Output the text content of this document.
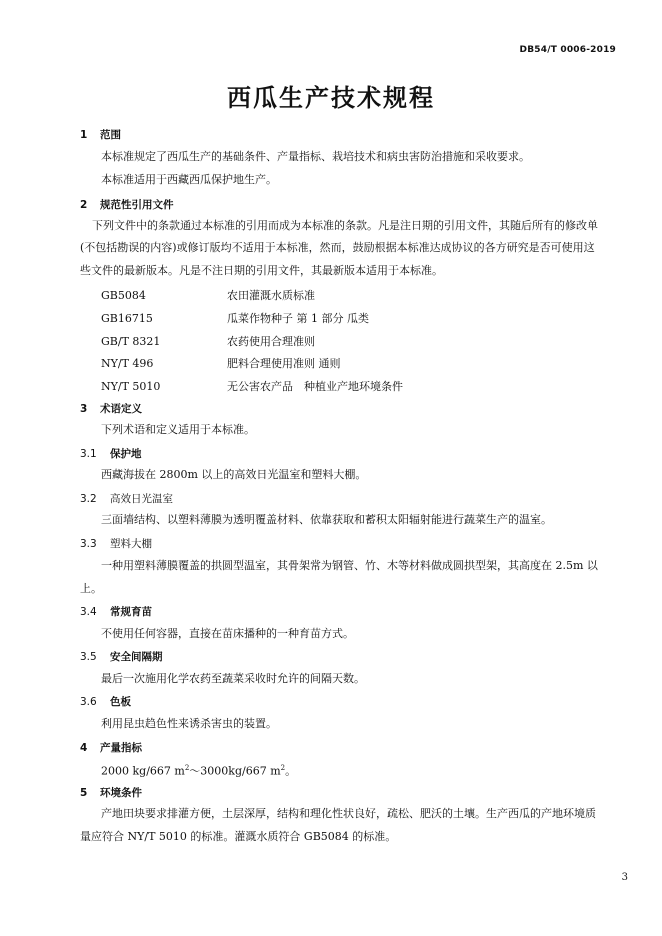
DB54/T 0006-2019
西瓜生产技术规程
1 范围
本标准规定了西瓜生产的基础条件、产量指标、栽培技术和病虫害防治措施和采收要求。
本标准适用于西藏西瓜保护地生产。
2 规范性引用文件
下列文件中的条款通过本标准的引用而成为本标准的条款。凡是注日期的引用文件，其随后所有的修改单
(不包括勘误的内容)或修订版均不适用于本标准，然而，鼓励根据本标准达成协议的各方研究是否可使用这
些文件的最新版本。凡是不注日期的引用文件，其最新版本适用于本标准。
GB5084	农田灌溉水质标准
GB16715	瓜菜作物种子 第 1 部分 瓜类
GB/T 8321	农药使用合理准则
NY/T 496	肥料合理使用准则 通则
NY/T 5010	无公害农产品　种植业产地环境条件
3 术语定义
下列术语和定义适用于本标准。
3.1 保护地
西藏海拔在 2800m 以上的高效日光温室和塑料大棚。
3.2 高效日光温室
三面墙结构、以塑料薄膜为透明覆盖材料、依靠获取和蓄积太阳辐射能进行蔬菜生产的温室。
3.3 塑料大棚
一种用塑料薄膜覆盖的拱圆型温室，其骨架常为钢管、竹、木等材料做成圆拱型架，其高度在 2.5m 以
上。
3.4 常规育苗
不使用任何容器，直接在苗床播种的一种育苗方式。
3.5 安全间隔期
最后一次施用化学农药至蔬菜采收时允许的间隔天数。
3.6 色板
利用昆虫趋色性来诱杀害虫的装置。
4 产量指标
2000 kg/667 $m^2\sim 3000kg/667$ $m^2$。
5 环境条件
产地田块要求排灌方便，土层深厚，结构和理化性状良好，疏松、肥沃的土壤。生产西瓜的产地环境质
量应符合 NY/T 5010 的标准。灌溉水质符合 GB5084 的标准。
3
